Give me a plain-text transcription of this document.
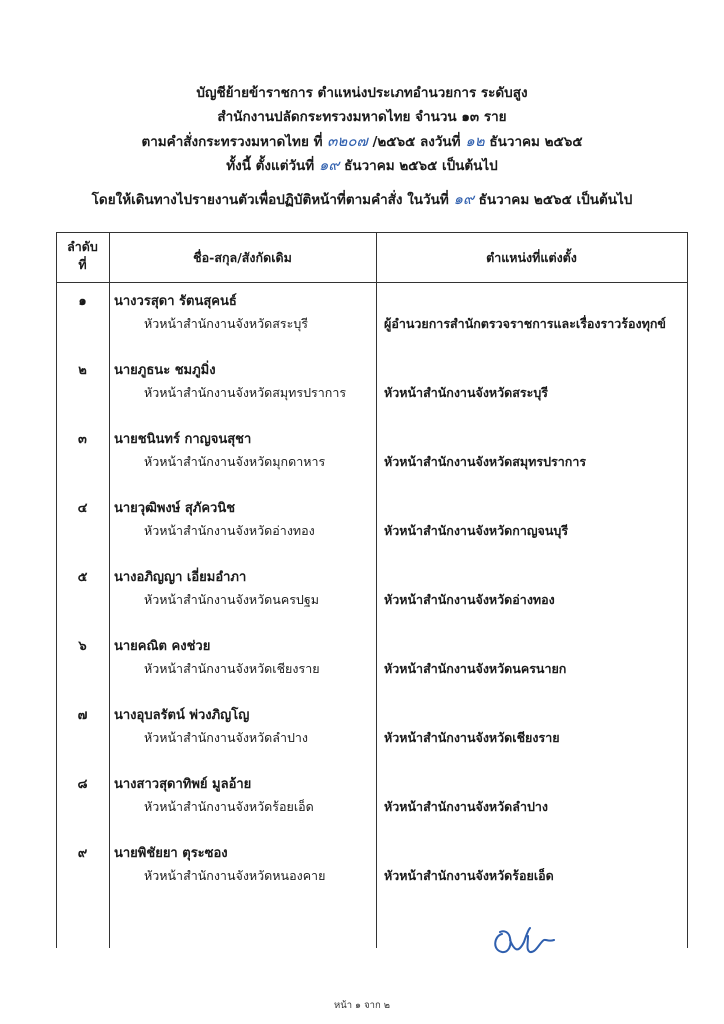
บัญชีย้ายข้าราชการ ตำแหน่งประเภทอำนวยการ ระดับสูง
สำนักงานปลัดกระทรวงมหาดไทย จำนวน ๑๓ ราย
ตามคำสั่งกระทรวงมหาดไทย ที่ ๓๒๐๗ /๒๕๖๕ ลงวันที่ ๑๒ ธันวาคม ๒๕๖๕
ทั้งนี้ ตั้งแต่วันที่ ๑๙ ธันวาคม ๒๕๖๕ เป็นต้นไป
โดยให้เดินทางไปรายงานตัวเพื่อปฏิบัติหน้าที่ตามคำสั่ง ในวันที่ ๑๙ ธันวาคม ๒๕๖๕ เป็นต้นไป
ลำดับ
ที่	ชื่อ-สกุล/สังกัดเดิม	ตำแหน่งที่แต่งตั้ง
๑	นางวรสุดา รัตนสุคนธ์
หัวหน้าสำนักงานจังหวัดสระบุรี	ผู้อำนวยการสำนักตรวจราชการและเรื่องราวร้องทุกข์
๒	นายภูธนะ ชมภูมิ่ง
หัวหน้าสำนักงานจังหวัดสมุทรปราการ	หัวหน้าสำนักงานจังหวัดสระบุรี
๓	นายชนินทร์ กาญจนสุชา
หัวหน้าสำนักงานจังหวัดมุกดาหาร	หัวหน้าสำนักงานจังหวัดสมุทรปราการ
๔	นายวุฒิพงษ์ สุภัควนิช
หัวหน้าสำนักงานจังหวัดอ่างทอง	หัวหน้าสำนักงานจังหวัดกาญจนบุรี
๕	นางอภิญญา เอี่ยมอำภา
หัวหน้าสำนักงานจังหวัดนครปฐม	หัวหน้าสำนักงานจังหวัดอ่างทอง
๖	นายคณิต คงช่วย
หัวหน้าสำนักงานจังหวัดเชียงราย	หัวหน้าสำนักงานจังหวัดนครนายก
๗	นางอุบลรัตน์ พ่วงภิญโญ
หัวหน้าสำนักงานจังหวัดลำปาง	หัวหน้าสำนักงานจังหวัดเชียงราย
๘	นางสาวสุดาทิพย์ มูลอ้าย
หัวหน้าสำนักงานจังหวัดร้อยเอ็ด	หัวหน้าสำนักงานจังหวัดลำปาง
๙	นายพิชัยยา ตุระซอง
หัวหน้าสำนักงานจังหวัดหนองคาย	หัวหน้าสำนักงานจังหวัดร้อยเอ็ด
หน้า ๑ จาก ๒
